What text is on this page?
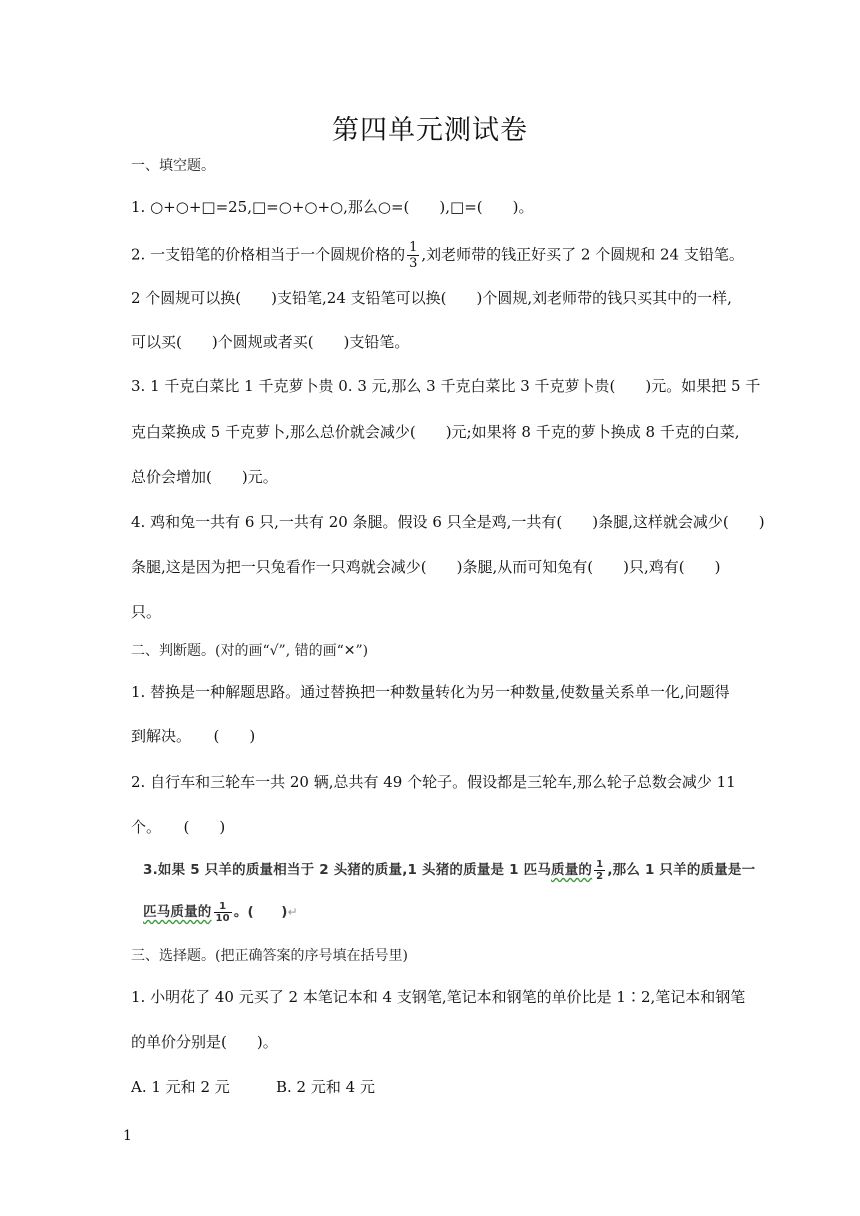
第四单元测试卷
一、填空题。
1. ○+○+□=25,□=○+○+○,那么○=(　　),□=(　　)。
2. 一支铅笔的价格相当于一个圆规价格的 $\frac{1}{3}$ ,刘老师带的钱正好买了 2 个圆规和 24 支铅笔。
2 个圆规可以换(　　)支铅笔,24 支铅笔可以换(　　)个圆规,刘老师带的钱只买其中的一样,
可以买(　　)个圆规或者买(　　)支铅笔。
3. 1 千克白菜比 1 千克萝卜贵 0. 3 元,那么 3 千克白菜比 3 千克萝卜贵(　　)元。如果把 5 千
克白菜换成 5 千克萝卜,那么总价就会减少(　　)元;如果将 8 千克的萝卜换成 8 千克的白菜,
总价会增加(　　)元。
4. 鸡和兔一共有 6 只,一共有 20 条腿。假设 6 只全是鸡,一共有(　　)条腿,这样就会减少(　　)
条腿,这是因为把一只兔看作一只鸡就会减少(　　)条腿,从而可知兔有(　　)只,鸡有(　　)
只。
二、判断题。(对的画“√”, 错的画“✕”)
1. 替换是一种解题思路。通过替换把一种数量转化为另一种数量,使数量关系单一化,问题得
到解决。　　(　　)
2. 自行车和三轮车一共 20 辆,总共有 49 个轮子。假设都是三轮车,那么轮子总数会减少 11
个。　　(　　)
3.如果 5 只羊的质量相当于 2 头猪的质量,1 头猪的质量是 1 匹马质量的 $\frac{1}{2}$ ,那么 1 只羊的质量是一
匹马质量的 $\frac{1}{10}$ 。(　　)↵
三、选择题。(把正确答案的序号填在括号里)
1. 小明花了 40 元买了 2 本笔记本和 4 支钢笔,笔记本和钢笔的单价比是 1∶2,笔记本和钢笔
的单价分别是(　　)。
A. 1 元和 2 元	B. 2 元和 4 元
1
